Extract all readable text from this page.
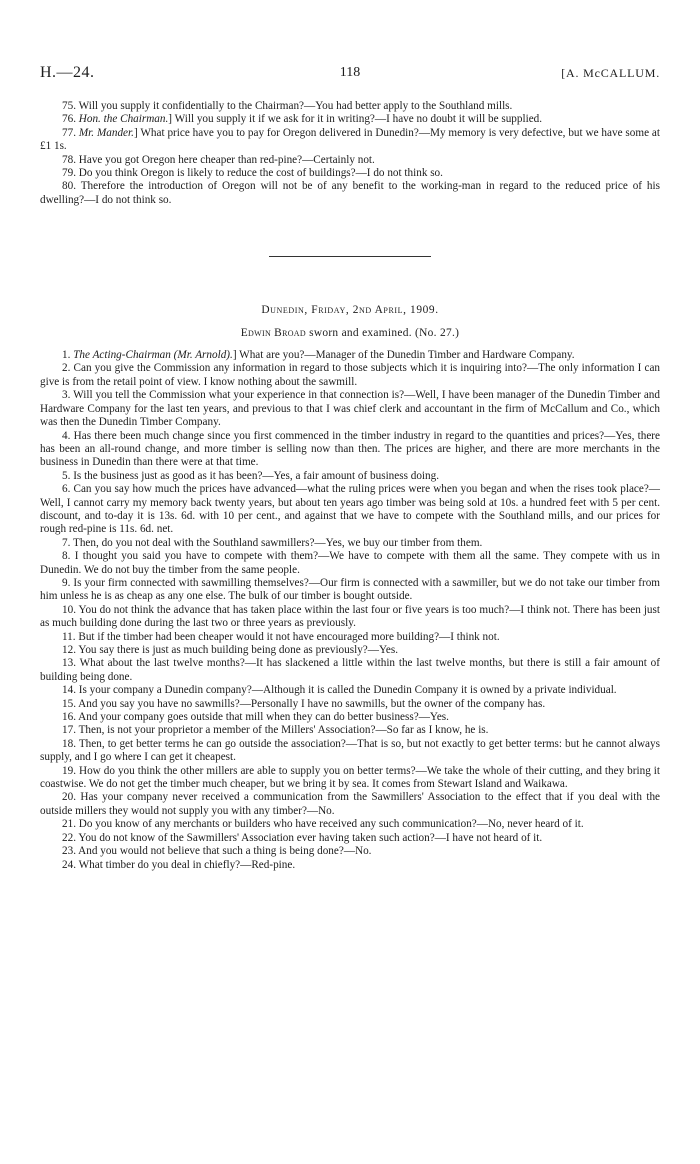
H.—24.	118	[A. McCALLUM.

75. Will you supply it confidentially to the Chairman?—You had better apply to the Southland mills.

76. Hon. the Chairman.] Will you supply it if we ask for it in writing?—I have no doubt it will be supplied.

77. Mr. Mander.] What price have you to pay for Oregon delivered in Dunedin?—My memory is very defective, but we have some at £1 1s.

78. Have you got Oregon here cheaper than red-pine?—Certainly not.

79. Do you think Oregon is likely to reduce the cost of buildings?—I do not think so.

80. Therefore the introduction of Oregon will not be of any benefit to the working-man in regard to the reduced price of his dwelling?—I do not think so.

Dunedin, Friday, 2nd April, 1909.
Edwin Broad sworn and examined. (No. 27.)

1. The Acting-Chairman (Mr. Arnold).] What are you?—Manager of the Dunedin Timber and Hardware Company.

2. Can you give the Commission any information in regard to those subjects which it is inquiring into?—The only information I can give is from the retail point of view. I know nothing about the sawmill.

3. Will you tell the Commission what your experience in that connection is?—Well, I have been manager of the Dunedin Timber and Hardware Company for the last ten years, and previous to that I was chief clerk and accountant in the firm of McCallum and Co., which was then the Dunedin Timber Company.

4. Has there been much change since you first commenced in the timber industry in regard to the quantities and prices?—Yes, there has been an all-round change, and more timber is selling now than then. The prices are higher, and there are more merchants in the business in Dunedin than there were at that time.

5. Is the business just as good as it has been?—Yes, a fair amount of business doing.

6. Can you say how much the prices have advanced—what the ruling prices were when you began and when the rises took place?—Well, I cannot carry my memory back twenty years, but about ten years ago timber was being sold at 10s. a hundred feet with 5 per cent. discount, and to-day it is 13s. 6d. with 10 per cent., and against that we have to compete with the Southland mills, and our prices for rough red-pine is 11s. 6d. net.

7. Then, do you not deal with the Southland sawmillers?—Yes, we buy our timber from them.

8. I thought you said you have to compete with them?—We have to compete with them all the same. They compete with us in Dunedin. We do not buy the timber from the same people.

9. Is your firm connected with sawmilling themselves?—Our firm is connected with a sawmiller, but we do not take our timber from him unless he is as cheap as any one else. The bulk of our timber is bought outside.

10. You do not think the advance that has taken place within the last four or five years is too much?—I think not. There has been just as much building done during the last two or three years as previously.

11. But if the timber had been cheaper would it not have encouraged more building?—I think not.

12. You say there is just as much building being done as previously?—Yes.

13. What about the last twelve months?—It has slackened a little within the last twelve months, but there is still a fair amount of building being done.

14. Is your company a Dunedin company?—Although it is called the Dunedin Company it is owned by a private individual.

15. And you say you have no sawmills?—Personally I have no sawmills, but the owner of the company has.

16. And your company goes outside that mill when they can do better business?—Yes.

17. Then, is not your proprietor a member of the Millers' Association?—So far as I know, he is.

18. Then, to get better terms he can go outside the association?—That is so, but not exactly to get better terms: but he cannot always supply, and I go where I can get it cheapest.

19. How do you think the other millers are able to supply you on better terms?—We take the whole of their cutting, and they bring it coastwise. We do not get the timber much cheaper, but we bring it by sea. It comes from Stewart Island and Waikawa.

20. Has your company never received a communication from the Sawmillers' Association to the effect that if you deal with the outside millers they would not supply you with any timber?—No.

21. Do you know of any merchants or builders who have received any such communication?—No, never heard of it.

22. You do not know of the Sawmillers' Association ever having taken such action?—I have not heard of it.

23. And you would not believe that such a thing is being done?—No.

24. What timber do you deal in chiefly?—Red-pine.
